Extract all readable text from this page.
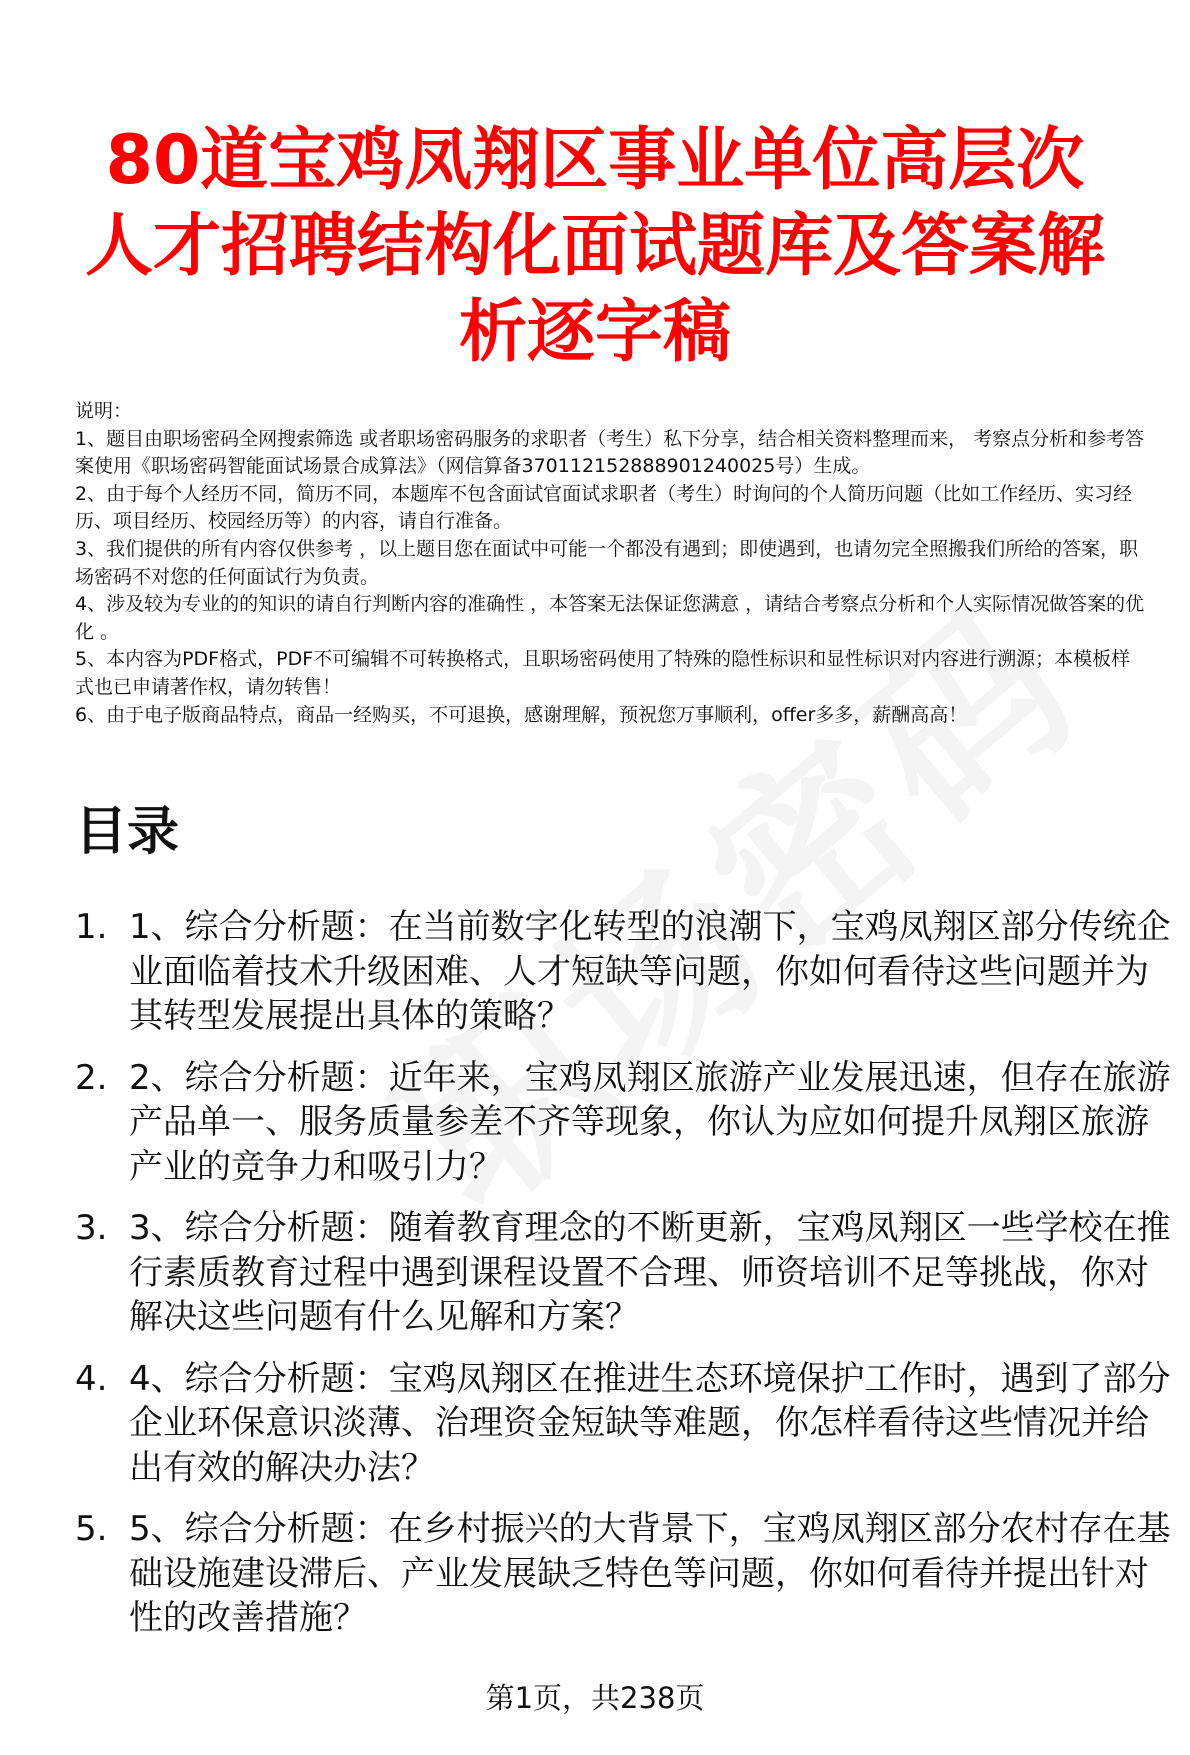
80道宝鸡凤翔区事业单位高层次人才招聘结构化面试题库及答案解析逐字稿

说明：

1、题目由职场密码全网搜索筛选 或者职场密码服务的求职者（考生）私下分享，结合相关资料整理而来， 考察点分析和参考答案使用《职场密码智能面试场景合成算法》（网信算备370112152888901240025号）生成。

2、由于每个人经历不同，简历不同，本题库不包含面试官面试求职者（考生）时询问的个人简历问题（比如工作经历、实习经历、项目经历、校园经历等）的内容，请自行准备。

3、我们提供的所有内容仅供参考 ，以上题目您在面试中可能一个都没有遇到；即使遇到，也请勿完全照搬我们所给的答案，职场密码不对您的任何面试行为负责。

4、涉及较为专业的的知识的请自行判断内容的准确性 ，本答案无法保证您满意 ，请结合考察点分析和个人实际情况做答案的优化 。

5、本内容为PDF格式，PDF不可编辑不可转换格式，且职场密码使用了特殊的隐性标识和显性标识对内容进行溯源；本模板样式也已申请著作权，请勿转售！

6、由于电子版商品特点，商品一经购买，不可退换，感谢理解，预祝您万事顺利，offer多多，薪酬高高！

目录
1. 1、综合分析题：在当前数字化转型的浪潮下，宝鸡凤翔区部分传统企业面临着技术升级困难、人才短缺等问题，你如何看待这些问题并为其转型发展提出具体的策略？
2. 2、综合分析题：近年来，宝鸡凤翔区旅游产业发展迅速，但存在旅游产品单一、服务质量参差不齐等现象，你认为应如何提升凤翔区旅游产业的竞争力和吸引力？
3. 3、综合分析题：随着教育理念的不断更新，宝鸡凤翔区一些学校在推行素质教育过程中遇到课程设置不合理、师资培训不足等挑战，你对解决这些问题有什么见解和方案？
4. 4、综合分析题：宝鸡凤翔区在推进生态环境保护工作时，遇到了部分企业环保意识淡薄、治理资金短缺等难题，你怎样看待这些情况并给出有效的解决办法？
5. 5、综合分析题：在乡村振兴的大背景下，宝鸡凤翔区部分农村存在基础设施建设滞后、产业发展缺乏特色等问题，你如何看待并提出针对性的改善措施？
第1页，共238页
